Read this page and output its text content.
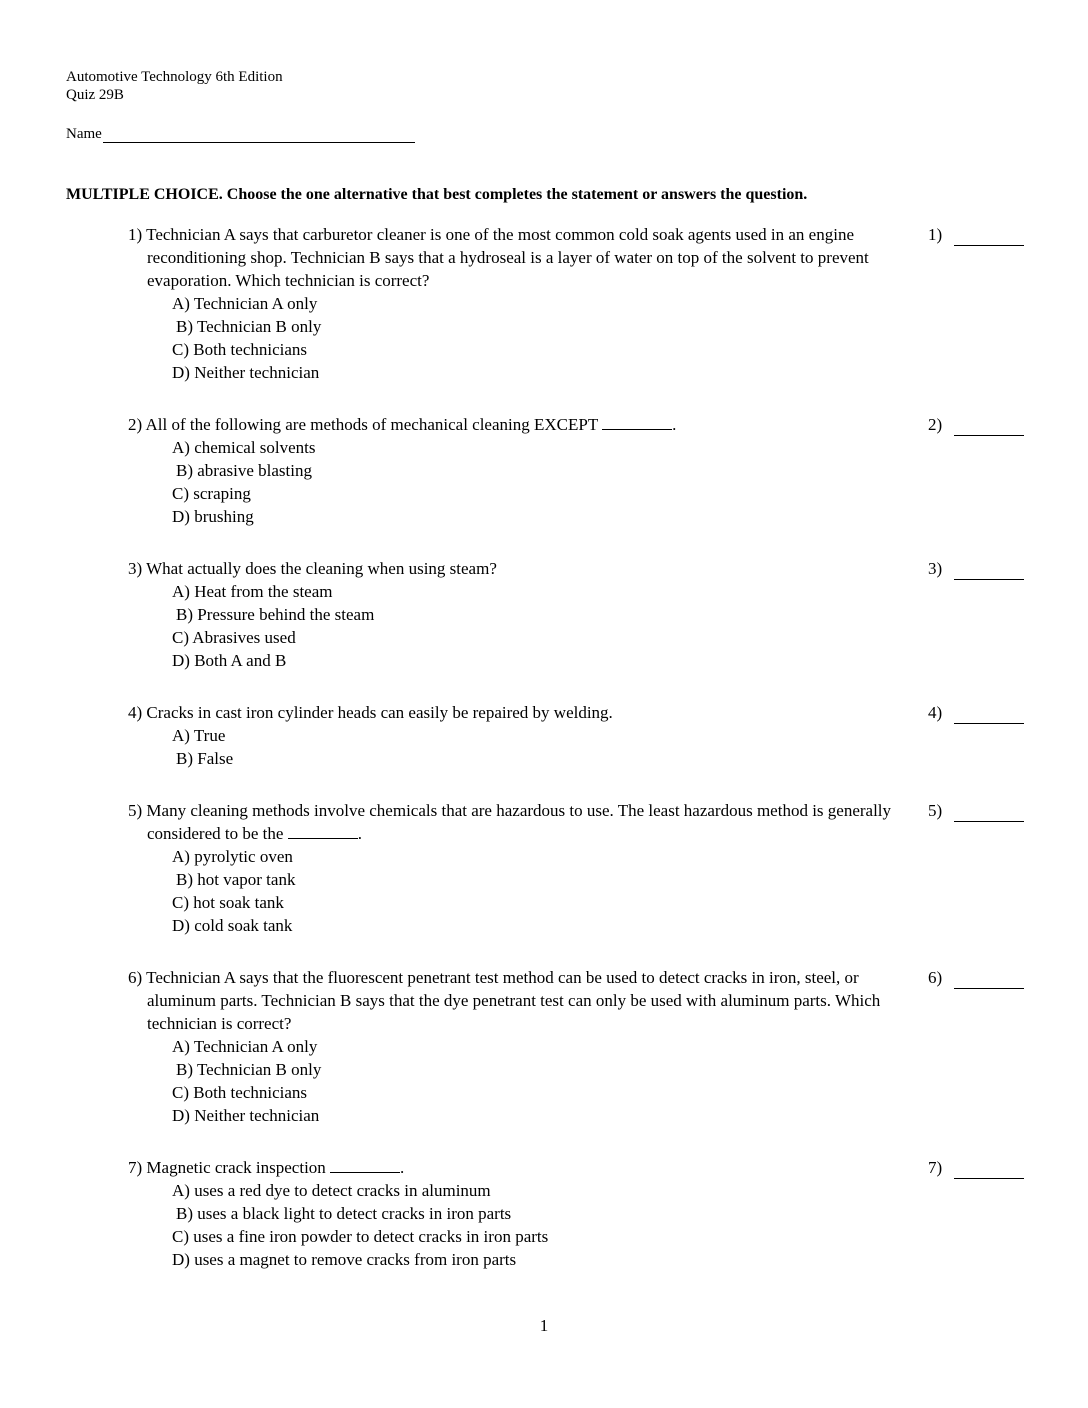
Automotive Technology 6th Edition
Quiz 29B
Name
MULTIPLE CHOICE. Choose the one alternative that best completes the statement or answers the question.
1) Technician A says that carburetor cleaner is one of the most common cold soak agents used in an engine reconditioning shop. Technician B says that a hydroseal is a layer of water on top of the solvent to prevent evaporation. Which technician is correct?
A) Technician A only
B) Technician B only
C) Both technicians
D) Neither technician
1)
2) All of the following are methods of mechanical cleaning EXCEPT	.
A) chemical solvents
B) abrasive blasting
C) scraping
D) brushing
2)
3) What actually does the cleaning when using steam?
A) Heat from the steam
B) Pressure behind the steam
C) Abrasives used
D) Both A and B
3)
4) Cracks in cast iron cylinder heads can easily be repaired by welding.
A) True
B) False
4)
5) Many cleaning methods involve chemicals that are hazardous to use. The least hazardous method is generally considered to be the	.
A) pyrolytic oven
B) hot vapor tank
C) hot soak tank
D) cold soak tank
5)
6) Technician A says that the fluorescent penetrant test method can be used to detect cracks in iron, steel, or aluminum parts. Technician B says that the dye penetrant test can only be used with aluminum parts. Which technician is correct?
A) Technician A only
B) Technician B only
C) Both technicians
D) Neither technician
6)
7) Magnetic crack inspection	.
A) uses a red dye to detect cracks in aluminum
B) uses a black light to detect cracks in iron parts
C) uses a fine iron powder to detect cracks in iron parts
D) uses a magnet to remove cracks from iron parts
7)
1
